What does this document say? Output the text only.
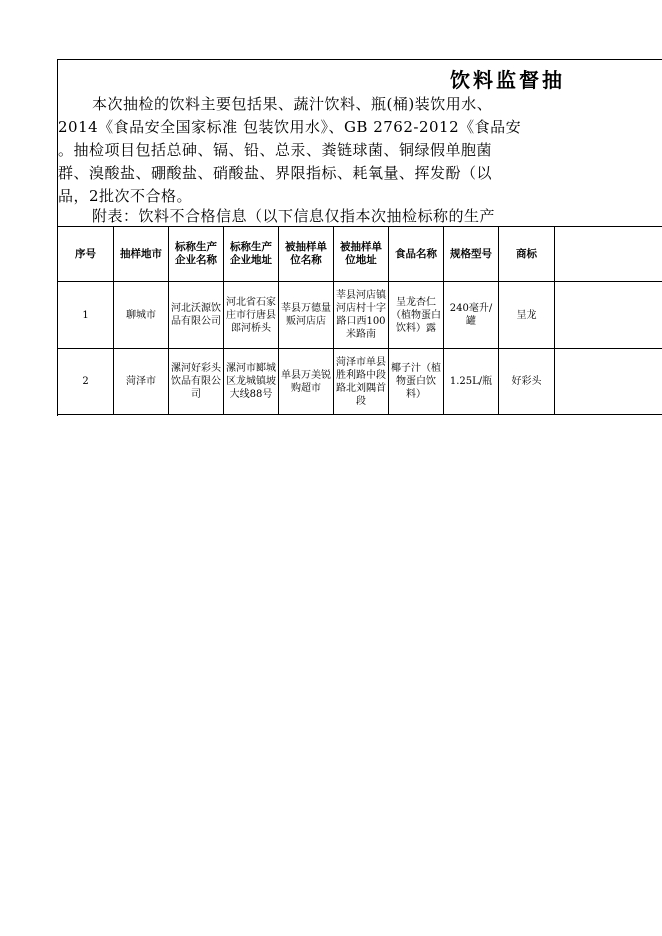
饮料监督抽
本次抽检的饮料主要包括果、蔬汁饮料、瓶(桶)装饮用水、
2014《食品安全国家标准 包装饮用水》、GB 2762-2012《食品安
。抽检项目包括总砷、镉、铅、总汞、粪链球菌、铜绿假单胞菌
群、溴酸盐、硼酸盐、硝酸盐、界限指标、耗氧量、挥发酚（以
品，2批次不合格。
附表：饮料不合格信息（以下信息仅指本次抽检标称的生产
序号	抽样地市	标称生产企业名称	标称生产企业地址	被抽样单位名称	被抽样单位地址	食品名称	规格型号	商标	
1	聊城市	河北沃源饮品有限公司	河北省石家庄市行唐县郎河桥头	莘县万德量贩河店店	莘县河店镇河店村十字路口西100米路南	呈龙杏仁（植物蛋白饮料）露	240毫升/罐	呈龙	
2	菏泽市	漯河好彩头饮品有限公司	漯河市郾城区龙城镇坡大线88号	单县万美锐购超市	菏泽市单县胜利路中段路北刘隅首段	椰子汁（植物蛋白饮料）	1.25L/瓶	好彩头	
